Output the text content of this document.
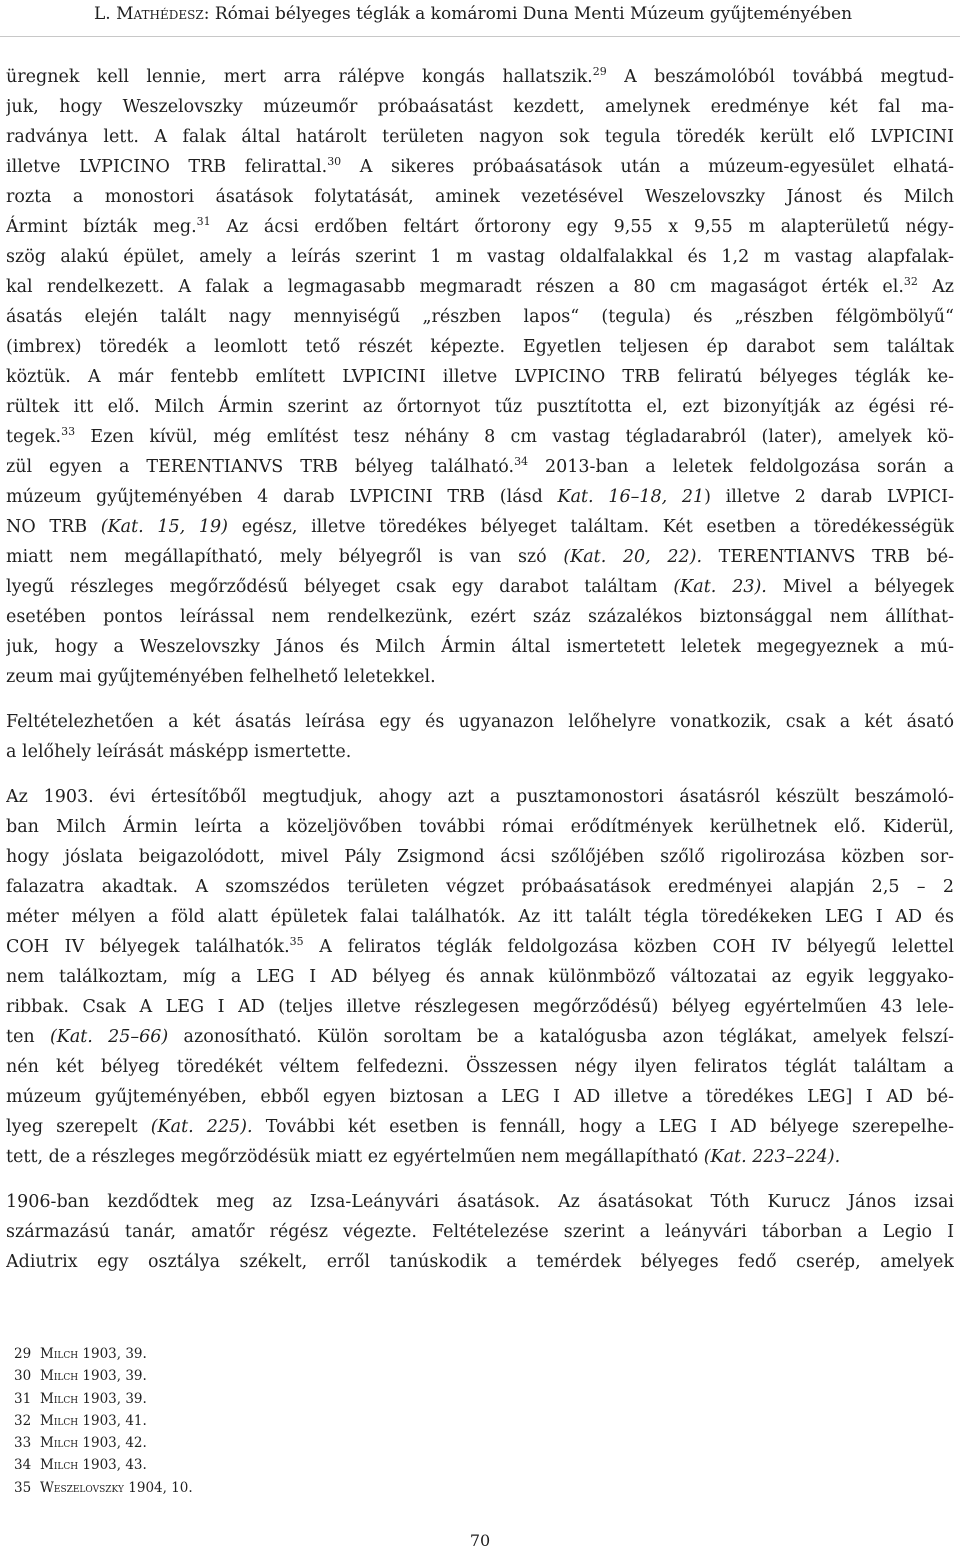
L. Mathédesz: Római bélyeges téglák a komáromi Duna Menti Múzeum gyűjteményében

üregnek kell lennie, mert arra rálépve kongás hallatszik.$^{29}$ A beszámolóból továbbá megtud-
juk, hogy Weszelovszky múzeumőr próbaásatást kezdett, amelynek eredménye két fal ma-
radványa lett. A falak által határolt területen nagyon sok tegula töredék került elő LVPICINI
illetve LVPICINO TRB felirattal.$^{30}$ A sikeres próbaásatások után a múzeum-egyesület elhatá-
rozta a monostori ásatások folytatását, aminek vezetésével Weszelovszky Jánost és Milch
Ármint bízták meg.$^{31}$ Az ácsi erdőben feltárt őrtorony egy 9,55 x 9,55 m alapterületű négy-
szög alakú épület, amely a leírás szerint 1 m vastag oldalfalakkal és 1,2 m vastag alapfalak-
kal rendelkezett. A falak a legmagasabb megmaradt részen a 80 cm magaságot érték el.$^{32}$ Az
ásatás elején talált nagy mennyiségű „részben lapos“ (tegula) és „részben félgömbölyű“
(imbrex) töredék a leomlott tető részét képezte. Egyetlen teljesen ép darabot sem találtak
köztük. A már fentebb említett LVPICINI illetve LVPICINO TRB feliratú bélyeges téglák ke-
rültek itt elő. Milch Ármin szerint az őrtornyot tűz pusztította el, ezt bizonyítják az égési ré-
tegek.$^{33}$ Ezen kívül, még említést tesz néhány 8 cm vastag tégladarabról (later), amelyek kö-
zül egyen a TERENTIANVS TRB bélyeg található.$^{34}$ 2013-ban a leletek feldolgozása során a
múzeum gyűjteményében 4 darab LVPICINI TRB (lásd Kat. 16–18, 21) illetve 2 darab LVPICI-
NO TRB (Kat. 15, 19) egész, illetve töredékes bélyeget találtam. Két esetben a töredékességük
miatt nem megállapítható, mely bélyegről is van szó (Kat. 20, 22). TERENTIANVS TRB bé-
lyegű részleges megőrződésű bélyeget csak egy darabot találtam (Kat. 23). Mivel a bélyegek
esetében pontos leírással nem rendelkezünk, ezért száz százalékos biztonsággal nem állíthat-
juk, hogy a Weszelovszky János és Milch Ármin által ismertetett leletek megegyeznek a mú-
zeum mai gyűjteményében felhelhető leletekkel.

Feltételezhetően a két ásatás leírása egy és ugyanazon lelőhelyre vonatkozik, csak a két ásató
a lelőhely leírását másképp ismertette.

Az 1903. évi értesítőből megtudjuk, ahogy azt a pusztamonostori ásatásról készült beszámoló-
ban Milch Ármin leírta a közeljövőben további római erődítmények kerülhetnek elő. Kiderül,
hogy jóslata beigazolódott, mivel Pály Zsigmond ácsi szőlőjében szőlő rigolirozása közben sor-
falazatra akadtak. A szomszédos területen végzet próbaásatások eredményei alapján 2,5 – 2
méter mélyen a föld alatt épületek falai találhatók. Az itt talált tégla töredékeken LEG I AD és
COH IV bélyegek találhatók.$^{35}$ A feliratos téglák feldolgozása közben COH IV bélyegű lelettel
nem találkoztam, míg a LEG I AD bélyeg és annak különmböző változatai az egyik leggyako-
ribbak. Csak A LEG I AD (teljes illetve részlegesen megőrződésű) bélyeg egyértelműen 43 lele-
ten (Kat. 25–66) azonosítható. Külön soroltam be a katalógusba azon téglákat, amelyek felszí-
nén két bélyeg töredékét véltem felfedezni. Összessen négy ilyen feliratos téglát találtam a
múzeum gyűjteményében, ebből egyen biztosan a LEG I AD illetve a töredékes LEG] I AD bé-
lyeg szerepelt (Kat. 225). További két esetben is fennáll, hogy a LEG I AD bélyege szerepelhe-
tett, de a részleges megőrzödésük miatt ez egyértelműen nem megállapítható (Kat. 223–224).

1906-ban kezdődtek meg az Izsa-Leányvári ásatások. Az ásatásokat Tóth Kurucz János izsai
származású tanár, amatőr régész végezte. Feltételezése szerint a leányvári táborban a Legio I
Adiutrix egy osztálya székelt, erről tanúskodik a temérdek bélyeges fedő cserép, amelyek

29 Milch 1903, 39.
30 Milch 1903, 39.
31 Milch 1903, 39.
32 Milch 1903, 41.
33 Milch 1903, 42.
34 Milch 1903, 43.
35 Weszelovszky 1904, 10.
70
